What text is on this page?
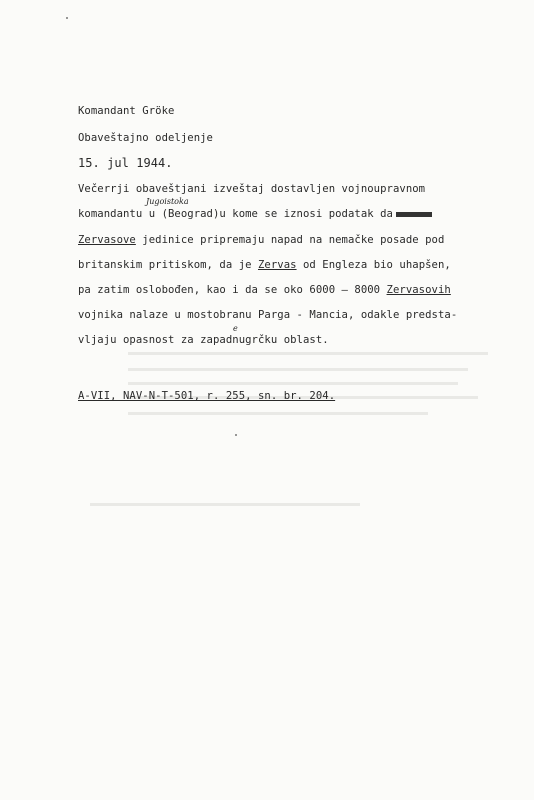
Komandant Gröke
Obaveštajno odeljenje
15. jul 1944.
Večerrji obaveštjani izveštaj dostavljen vojnoupravnom
Jugoistoka
komandantu u (Beograd)u kome se iznosi podatak da
Zervasove jedinice pripremaju napad na nemačke posade pod
britanskim pritiskom, da je Zervas od Engleza bio uhapšen,
pa zatim oslobođen, kao i da se oko 6000 — 8000 Zervasovih
vojnika nalaze u mostobranu Parga - Mancia, odakle predsta-
e
vljaju opasnost za zapadnugrčku oblast.
A-VII, NAV-N-T-501, r. 255, sn. br. 204.
